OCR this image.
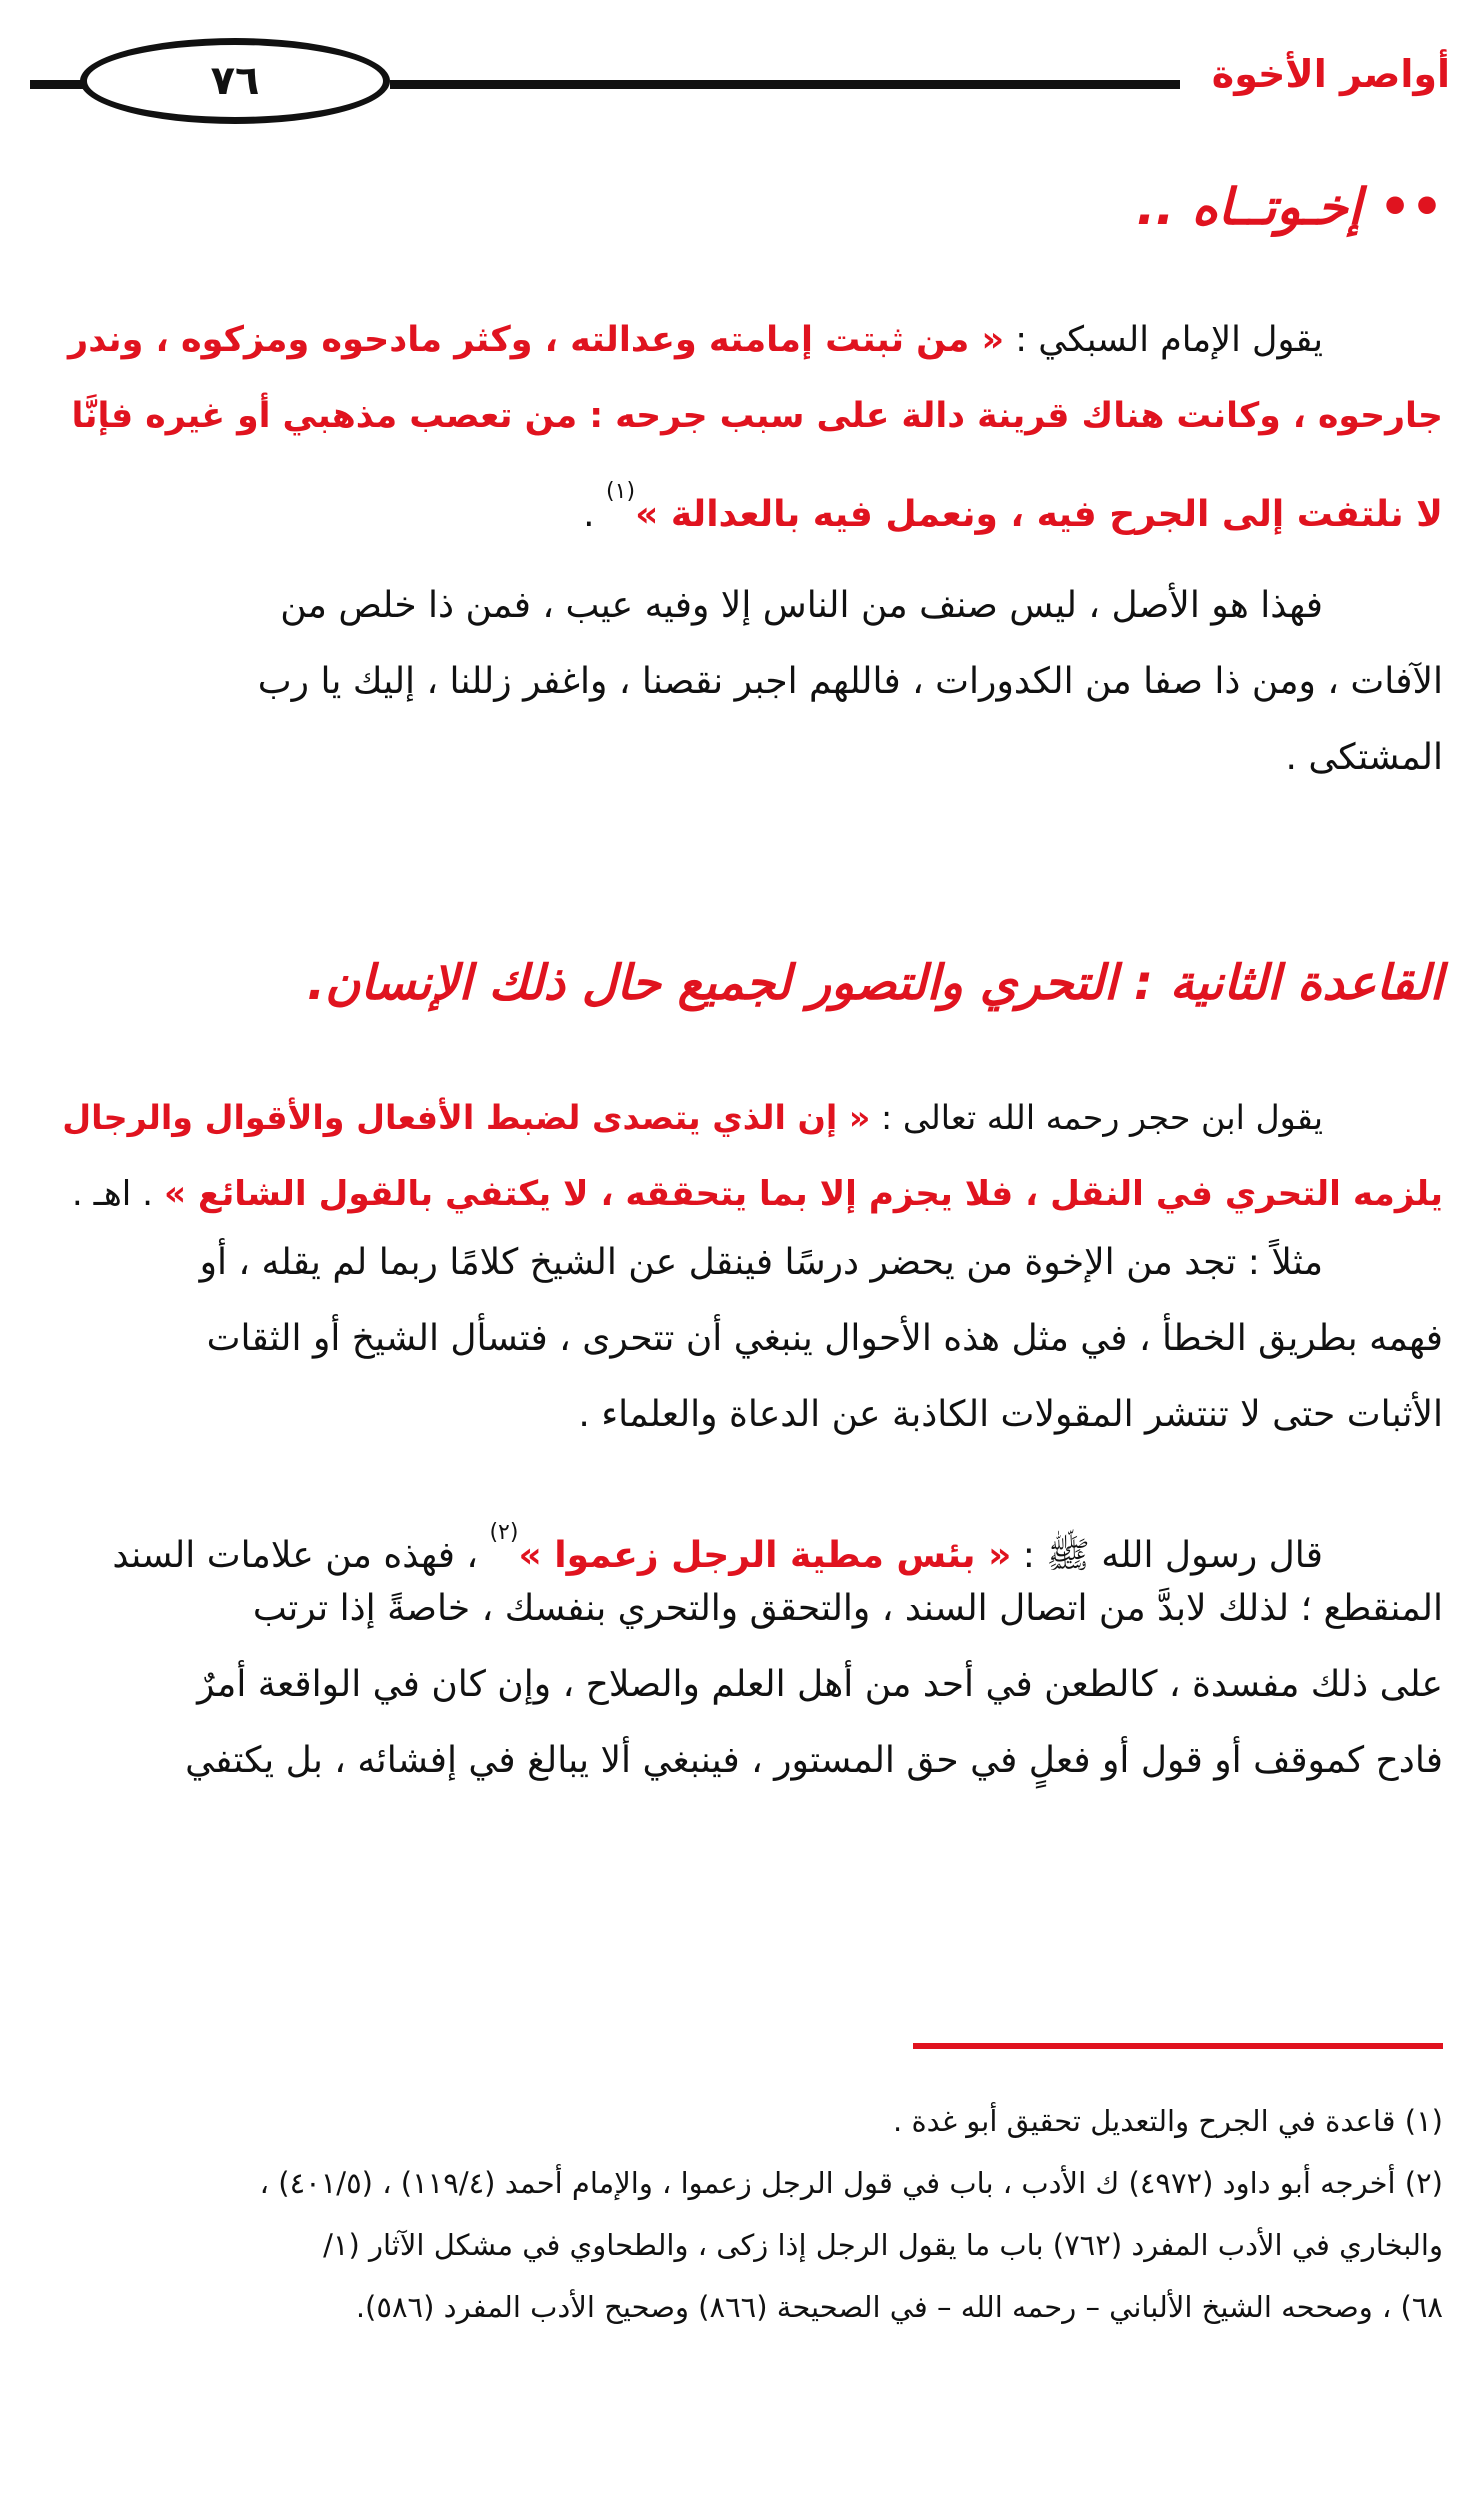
٧٦	أواصر الأخوة
•• إخـوتــاه ..
يقول الإمام السبكي : « من ثبتت إمامته وعدالته ، وكثر مادحوه ومزكوه ، وندر
جارحوه ، وكانت هناك قرينة دالة على سبب جرحه : من تعصب مذهبي أو غيره فإنَّا
لا نلتفت إلى الجرح فيه ، ونعمل فيه بالعدالة »$^{(١)}$ .
فهذا هو الأصل ، ليس صنف من الناس إلا وفيه عيب ، فمن ذا خلص من
الآفات ، ومن ذا صفا من الكدورات ، فاللهم اجبر نقصنا ، واغفر زللنا ، إليك يا رب
المشتكى .
القاعدة الثانية : التحري والتصور لجميع حال ذلك الإنسان.
يقول ابن حجر رحمه الله تعالى : « إن الذي يتصدى لضبط الأفعال والأقوال والرجال
يلزمه التحري في النقل ، فلا يجزم إلا بما يتحققه ، لا يكتفي بالقول الشائع » . اهـ .
مثلاً : تجد من الإخوة من يحضر درسًا فينقل عن الشيخ كلامًا ربما لم يقله ، أو
فهمه بطريق الخطأ ، في مثل هذه الأحوال ينبغي أن تتحرى ، فتسأل الشيخ أو الثقات
الأثبات حتى لا تنتشر المقولات الكاذبة عن الدعاة والعلماء .
قال رسول الله ﷺ : « بئس مطية الرجل زعموا »$^{(٢)}$ ، فهذه من علامات السند
المنقطع ؛ لذلك لابدَّ من اتصال السند ، والتحقق والتحري بنفسك ، خاصةً إذا ترتب
على ذلك مفسدة ، كالطعن في أحد من أهل العلم والصلاح ، وإن كان في الواقعة أمرٌ
فادح كموقف أو قول أو فعلٍ في حق المستور ، فينبغي ألا يبالغ في إفشائه ، بل يكتفي
(١) قاعدة في الجرح والتعديل تحقيق أبو غدة .
(٢) أخرجه أبو داود (٤٩٧٢) ك الأدب ، باب في قول الرجل زعموا ، والإمام أحمد (١١٩/٤) ، (٤٠١/٥) ،
والبخاري في الأدب المفرد (٧٦٢) باب ما يقول الرجل إذا زكى ، والطحاوي في مشكل الآثار (١/
٦٨) ، وصححه الشيخ الألباني – رحمه الله – في الصحيحة (٨٦٦) وصحيح الأدب المفرد (٥٨٦).
